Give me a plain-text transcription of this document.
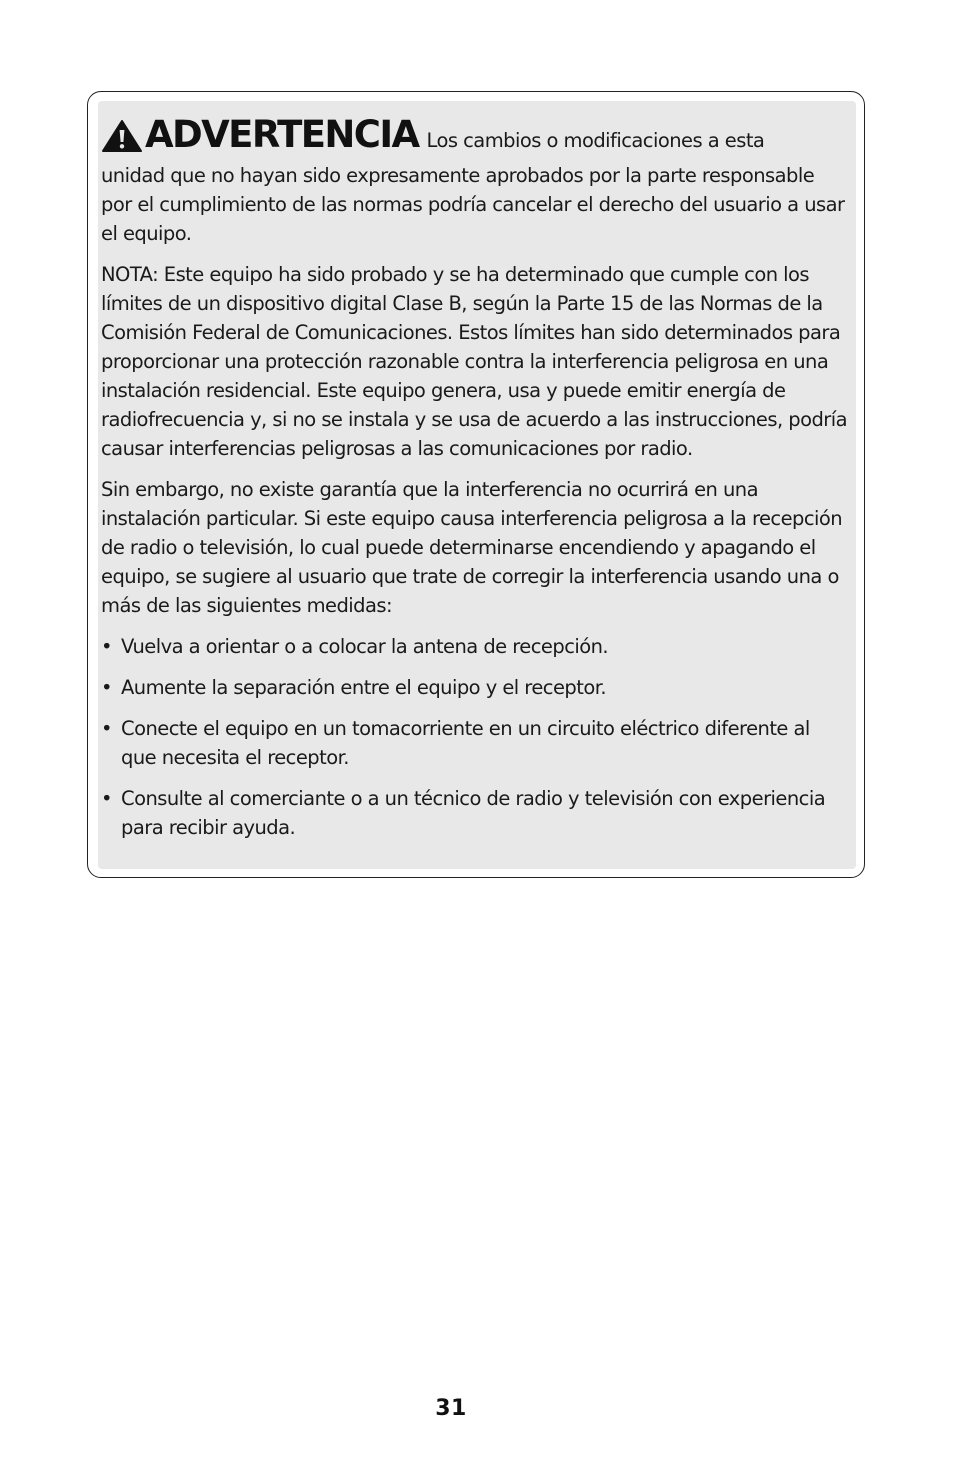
ADVERTENCIA Los cambios o modificaciones a esta

unidad que no hayan sido expresamente aprobados por la parte responsable por el cumplimiento de las normas podría cancelar el derecho del usuario a usar el equipo.

NOTA: Este equipo ha sido probado y se ha determinado que cumple con los límites de un dispositivo digital Clase B, según la Parte 15 de las Normas de la Comisión Federal de Comunicaciones. Estos límites han sido determinados para proporcionar una protección razonable contra la interferencia peligrosa en una instalación residencial. Este equipo genera, usa y puede emitir energía de radiofrecuencia y, si no se instala y se usa de acuerdo a las instrucciones, podría causar interferencias peligrosas a las comunicaciones por radio.

Sin embargo, no existe garantía que la interferencia no ocurrirá en una instalación particular. Si este equipo causa interferencia peligrosa a la recepción de radio o televisión, lo cual puede determinarse encendiendo y apagando el equipo, se sugiere al usuario que trate de corregir la interferencia usando una o más de las siguientes medidas:

• Vuelva a orientar o a colocar la antena de recepción.
• Aumente la separación entre el equipo y el receptor.
• Conecte el equipo en un tomacorriente en un circuito eléctrico diferente al que necesita el receptor.
• Consulte al comerciante o a un técnico de radio y televisión con experiencia para recibir ayuda.
31
